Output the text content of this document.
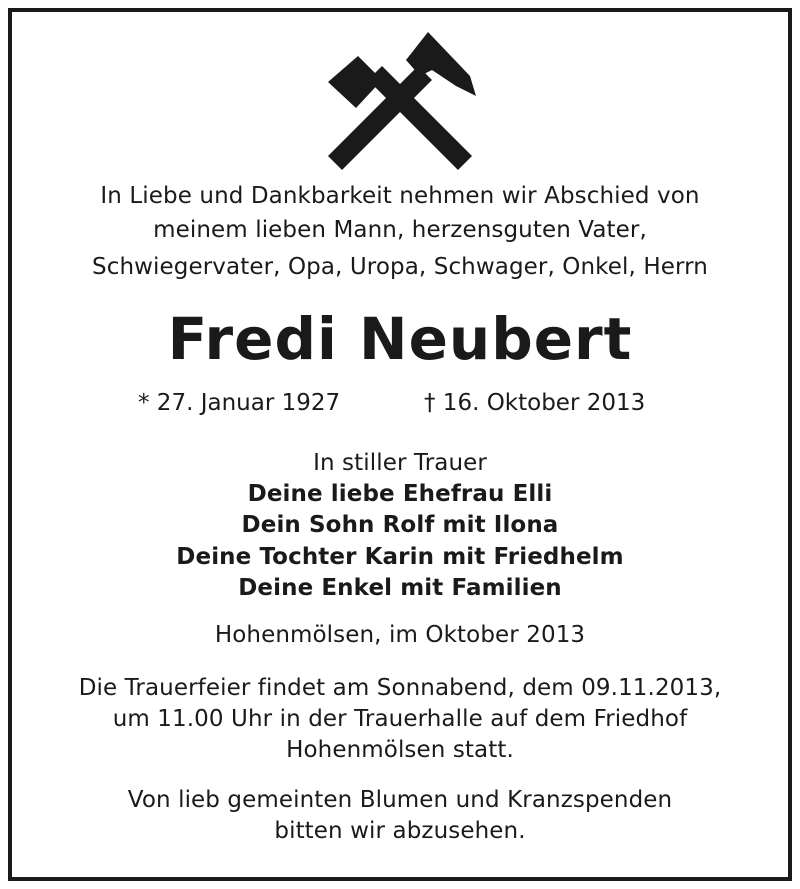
In Liebe und Dankbarkeit nehmen wir Abschied von
meinem lieben Mann, herzensguten Vater,
Schwiegervater, Opa, Uropa, Schwager, Onkel, Herrn
Fredi Neubert
* 27. Januar 1927	† 16. Oktober 2013
In stiller Trauer
Deine liebe Ehefrau Elli
Dein Sohn Rolf mit Ilona
Deine Tochter Karin mit Friedhelm
Deine Enkel mit Familien
Hohenmölsen, im Oktober 2013
Die Trauerfeier findet am Sonnabend, dem 09.11.2013,
um 11.00 Uhr in der Trauerhalle auf dem Friedhof
Hohenmölsen statt.
Von lieb gemeinten Blumen und Kranzspenden
bitten wir abzusehen.
